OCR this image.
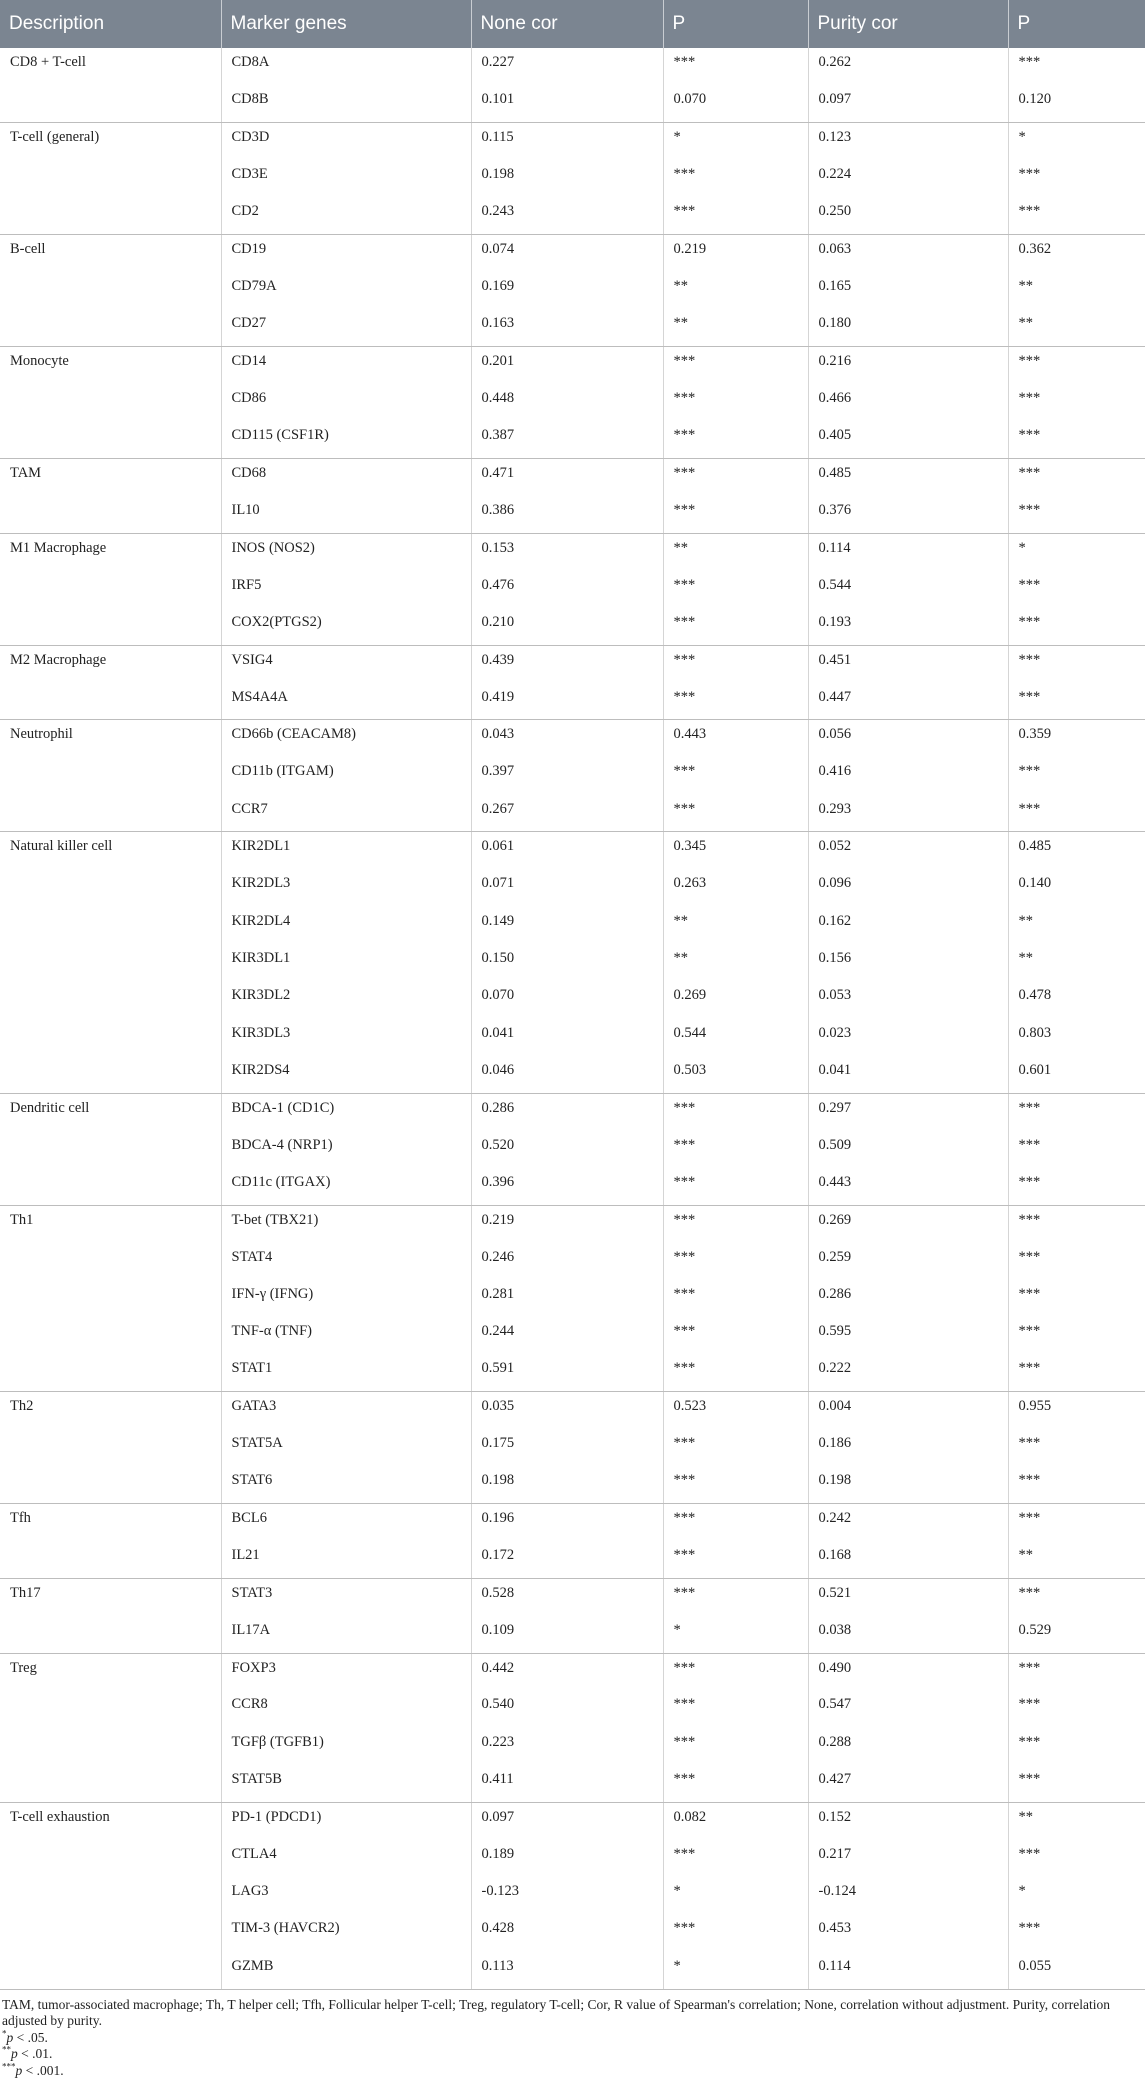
Description	Marker genes	None cor	P	Purity cor	P
CD8 + T-cell	CD8A	0.227	***	0.262	***
	CD8B	0.101	0.070	0.097	0.120
T-cell (general)	CD3D	0.115	*	0.123	*
	CD3E	0.198	***	0.224	***
	CD2	0.243	***	0.250	***
B-cell	CD19	0.074	0.219	0.063	0.362
	CD79A	0.169	**	0.165	**
	CD27	0.163	**	0.180	**
Monocyte	CD14	0.201	***	0.216	***
	CD86	0.448	***	0.466	***
	CD115 (CSF1R)	0.387	***	0.405	***
TAM	CD68	0.471	***	0.485	***
	IL10	0.386	***	0.376	***
M1 Macrophage	INOS (NOS2)	0.153	**	0.114	*
	IRF5	0.476	***	0.544	***
	COX2(PTGS2)	0.210	***	0.193	***
M2 Macrophage	VSIG4	0.439	***	0.451	***
	MS4A4A	0.419	***	0.447	***
Neutrophil	CD66b (CEACAM8)	0.043	0.443	0.056	0.359
	CD11b (ITGAM)	0.397	***	0.416	***
	CCR7	0.267	***	0.293	***
Natural killer cell	KIR2DL1	0.061	0.345	0.052	0.485
	KIR2DL3	0.071	0.263	0.096	0.140
	KIR2DL4	0.149	**	0.162	**
	KIR3DL1	0.150	**	0.156	**
	KIR3DL2	0.070	0.269	0.053	0.478
	KIR3DL3	0.041	0.544	0.023	0.803
	KIR2DS4	0.046	0.503	0.041	0.601
Dendritic cell	BDCA-1 (CD1C)	0.286	***	0.297	***
	BDCA-4 (NRP1)	0.520	***	0.509	***
	CD11c (ITGAX)	0.396	***	0.443	***
Th1	T-bet (TBX21)	0.219	***	0.269	***
	STAT4	0.246	***	0.259	***
	IFN-γ (IFNG)	0.281	***	0.286	***
	TNF-α (TNF)	0.244	***	0.595	***
	STAT1	0.591	***	0.222	***
Th2	GATA3	0.035	0.523	0.004	0.955
	STAT5A	0.175	***	0.186	***
	STAT6	0.198	***	0.198	***
Tfh	BCL6	0.196	***	0.242	***
	IL21	0.172	***	0.168	**
Th17	STAT3	0.528	***	0.521	***
	IL17A	0.109	*	0.038	0.529
Treg	FOXP3	0.442	***	0.490	***
	CCR8	0.540	***	0.547	***
	TGFβ (TGFB1)	0.223	***	0.288	***
	STAT5B	0.411	***	0.427	***
T-cell exhaustion	PD-1 (PDCD1)	0.097	0.082	0.152	**
	CTLA4	0.189	***	0.217	***
	LAG3	-0.123	*	-0.124	*
	TIM-3 (HAVCR2)	0.428	***	0.453	***
	GZMB	0.113	*	0.114	0.055
TAM, tumor-associated macrophage; Th, T helper cell; Tfh, Follicular helper T-cell; Treg, regulatory T-cell; Cor, R value of Spearman's correlation; None, correlation without adjustment. Purity, correlation adjusted by purity.
*p < .05.
**p < .01.
***p < .001.
